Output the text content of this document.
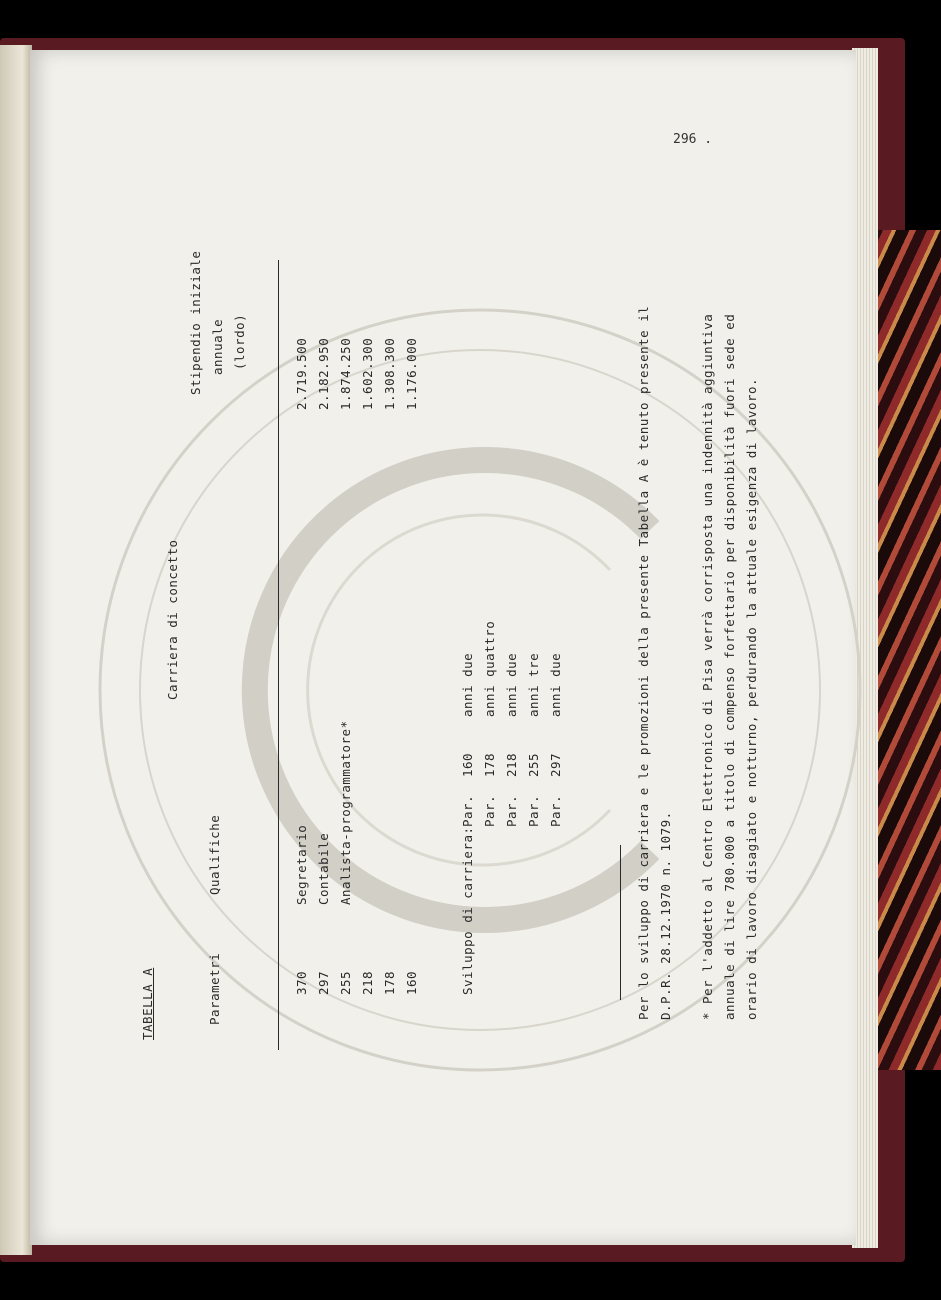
296 .
TABELLA A
Carriera di concetto
Parametri
Qualifiche
Stipendio iniziale annuale (lordo)
370 297 255 218 178 160
Segretario Contabile Analista-programmatore*
2.719.500 2.182.950 1.874.250 1.602.300 1.308.300 1.176.000
Sviluppo di carriera:
Par. Par. Par. Par. Par.
160 178 218 255 297
anni due anni quattro anni due anni tre anni due	Per lo sviluppo di carriera e le promozioni della presente Tabella A è tenuto presente il D.P.R. 28.12.1970 n. 1079. * Per l'addetto al Centro Elettronico di Pisa verrà corrisposta una indennità aggiuntiva annuale di lire 780.000 a titolo di compenso forfettario per disponibilità fuori sede ed orario di lavoro disagiato e notturno, perdurando la attuale esigenza di lavoro.
